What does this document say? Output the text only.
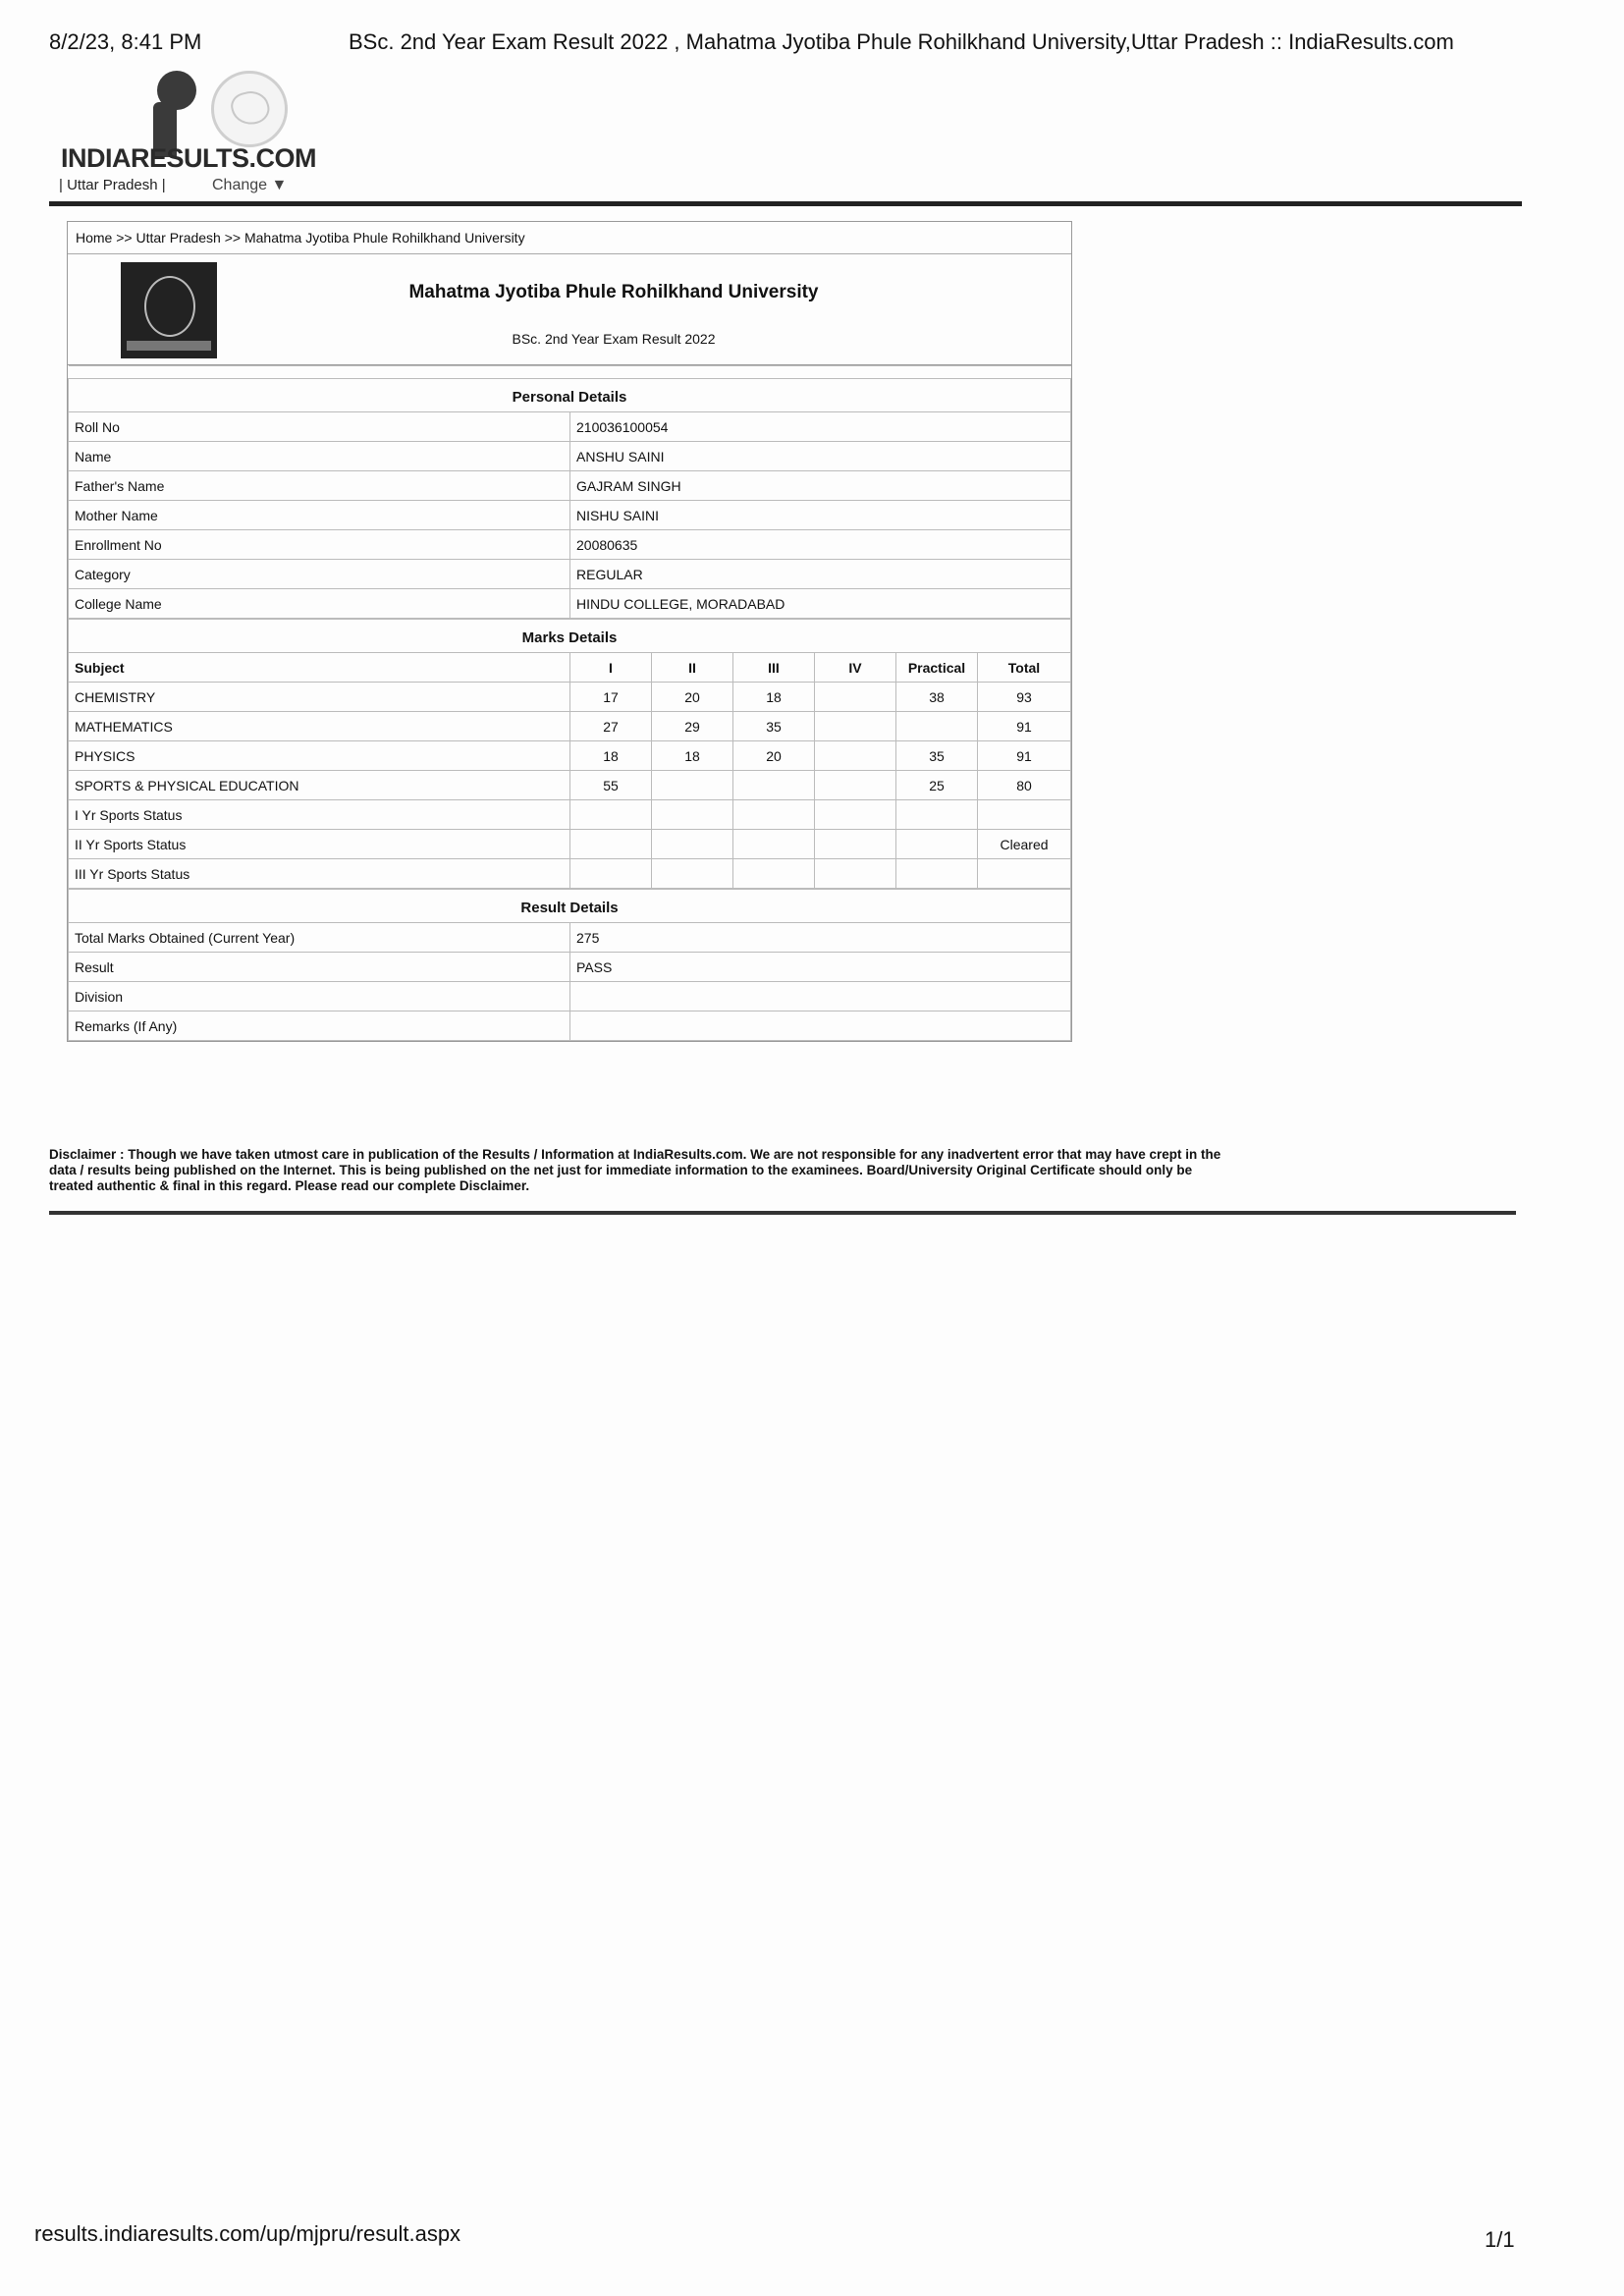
8/2/23, 8:41 PM	BSc. 2nd Year Exam Result 2022 , Mahatma Jyotiba Phule Rohilkhand University,Uttar Pradesh :: IndiaResults.com
INDIARESULTS.COM
| Uttar Pradesh |	Change ▼
Home >> Uttar Pradesh >> Mahatma Jyotiba Phule Rohilkhand University
Mahatma Jyotiba Phule Rohilkhand University
BSc. 2nd Year Exam Result 2022

Personal Details	
Roll No	210036100054
Name	ANSHU SAINI
Father's Name	GAJRAM SINGH
Mother Name	NISHU SAINI
Enrollment No	20080635
Category	REGULAR
College Name	HINDU COLLEGE, MORADABAD
Marks Details						
Subject	I	II	III	IV	Practical	Total
CHEMISTRY	17	20	18		38	93
MATHEMATICS	27	29	35			91
PHYSICS	18	18	20		35	91
SPORTS & PHYSICAL EDUCATION	55				25	80
I Yr Sports Status						
II Yr Sports Status						Cleared
III Yr Sports Status						
Result Details	
Total Marks Obtained (Current Year)	275
Result	PASS
Division	
Remarks (If Any)	
Disclaimer : Though we have taken utmost care in publication of the Results / Information at IndiaResults.com. We are not responsible for any inadvertent error that may have crept in the data / results being published on the Internet. This is being published on the net just for immediate information to the examinees. Board/University Original Certificate should only be treated authentic & final in this regard. Please read our complete Disclaimer.
results.indiaresults.com/up/mjpru/result.aspx	1/1
